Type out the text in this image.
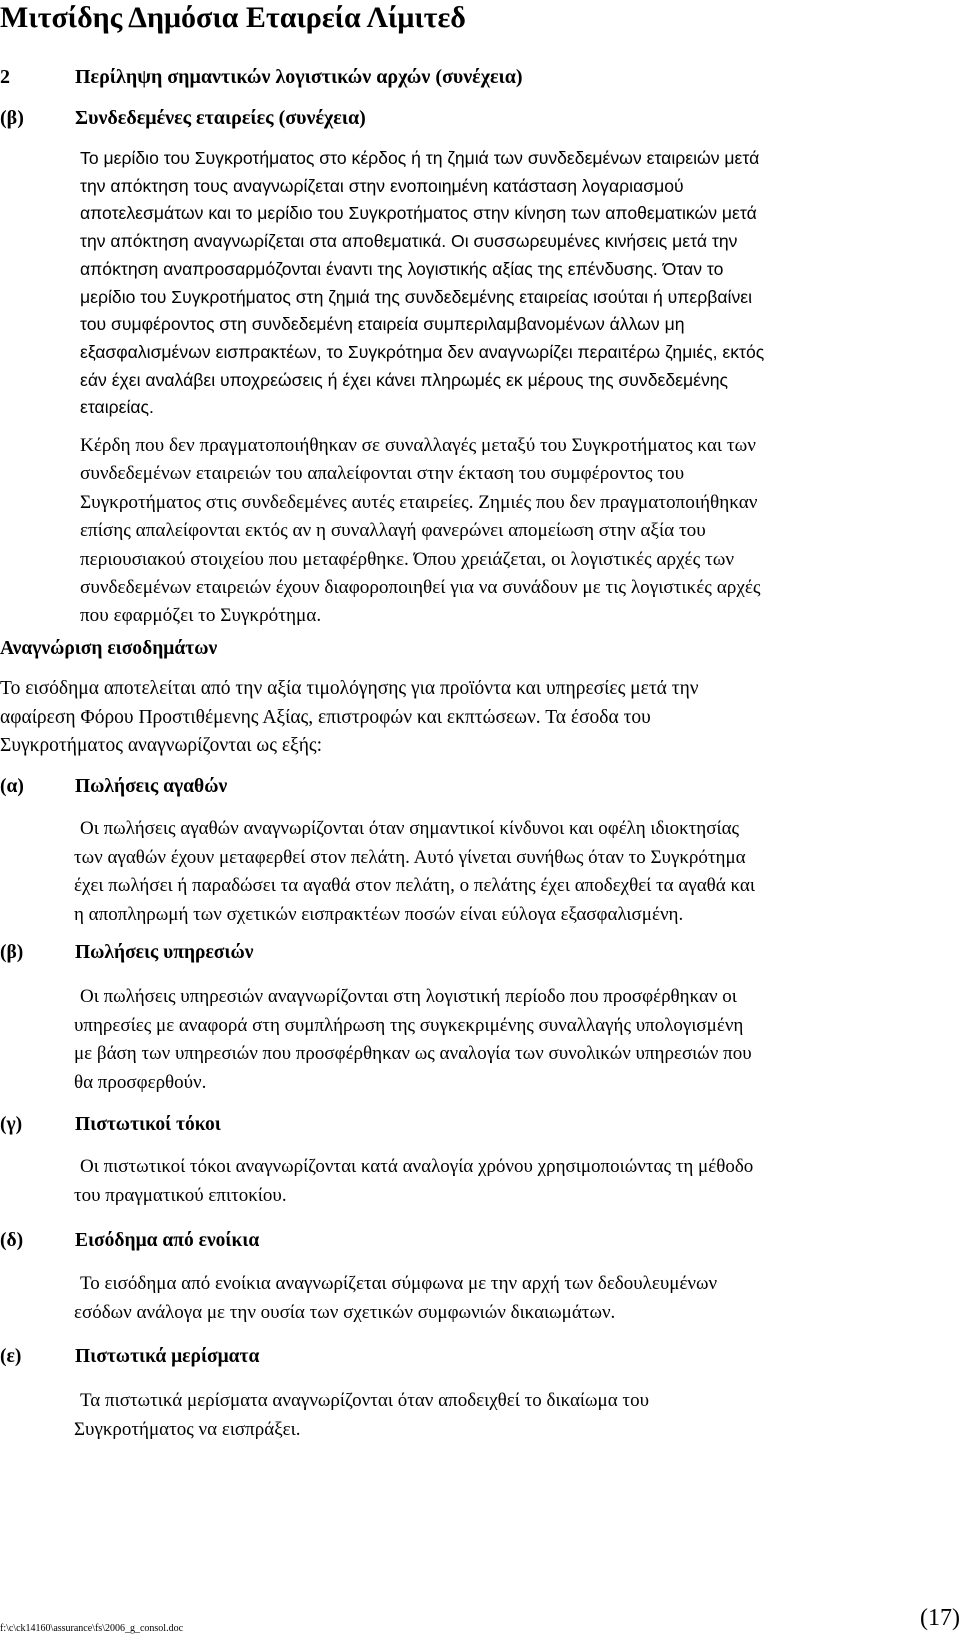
Μιτσίδης Δημόσια Εταιρεία Λίμιτεδ
2	Περίληψη σημαντικών λογιστικών αρχών (συνέχεια)
(β)	Συνδεδεμένες εταιρείες (συνέχεια)
Το μερίδιο του Συγκροτήματος στο κέρδος ή τη ζημιά των συνδεδεμένων εταιρειών μετά
την απόκτηση τους αναγνωρίζεται στην ενοποιημένη κατάσταση λογαριασμού
αποτελεσμάτων και το μερίδιο του Συγκροτήματος στην κίνηση των αποθεματικών μετά
την απόκτηση αναγνωρίζεται στα αποθεματικά. Οι συσσωρευμένες κινήσεις μετά την
απόκτηση αναπροσαρμόζονται έναντι της λογιστικής αξίας της επένδυσης. Όταν το
μερίδιο του Συγκροτήματος στη ζημιά της συνδεδεμένης εταιρείας ισούται ή υπερβαίνει
του συμφέροντος στη συνδεδεμένη εταιρεία συμπεριλαμβανομένων άλλων μη
εξασφαλισμένων εισπρακτέων, το Συγκρότημα δεν αναγνωρίζει περαιτέρω ζημιές, εκτός
εάν έχει αναλάβει υποχρεώσεις ή έχει κάνει πληρωμές εκ μέρους της συνδεδεμένης
εταιρείας.
Κέρδη που δεν πραγματοποιήθηκαν σε συναλλαγές μεταξύ του Συγκροτήματος και των
συνδεδεμένων εταιρειών του απαλείφονται στην έκταση του συμφέροντος του
Συγκροτήματος στις συνδεδεμένες αυτές εταιρείες. Ζημιές που δεν πραγματοποιήθηκαν
επίσης απαλείφονται εκτός αν η συναλλαγή φανερώνει απομείωση στην αξία του
περιουσιακού στοιχείου που μεταφέρθηκε. Όπου χρειάζεται, οι λογιστικές αρχές των
συνδεδεμένων εταιρειών έχουν διαφοροποιηθεί για να συνάδουν με τις λογιστικές αρχές
που εφαρμόζει το Συγκρότημα.
Αναγνώριση εισοδημάτων
Το εισόδημα αποτελείται από την αξία τιμολόγησης για προϊόντα και υπηρεσίες μετά την
αφαίρεση Φόρου Προστιθέμενης Αξίας, επιστροφών και εκπτώσεων. Τα έσοδα του
Συγκροτήματος αναγνωρίζονται ως εξής:
(α)	Πωλήσεις αγαθών
Οι πωλήσεις αγαθών αναγνωρίζονται όταν σημαντικοί κίνδυνοι και οφέλη ιδιοκτησίας
των αγαθών έχουν μεταφερθεί στον πελάτη. Αυτό γίνεται συνήθως όταν το Συγκρότημα
έχει πωλήσει ή παραδώσει τα αγαθά στον πελάτη, ο πελάτης έχει αποδεχθεί τα αγαθά και
η αποπληρωμή των σχετικών εισπρακτέων ποσών είναι εύλογα εξασφαλισμένη.
(β)	Πωλήσεις υπηρεσιών
Οι πωλήσεις υπηρεσιών αναγνωρίζονται στη λογιστική περίοδο που προσφέρθηκαν οι
υπηρεσίες με αναφορά στη συμπλήρωση της συγκεκριμένης συναλλαγής υπολογισμένη
με βάση των υπηρεσιών που προσφέρθηκαν ως αναλογία των συνολικών υπηρεσιών που
θα προσφερθούν.
(γ)	Πιστωτικοί τόκοι
Οι πιστωτικοί τόκοι αναγνωρίζονται κατά αναλογία χρόνου χρησιμοποιώντας τη μέθοδο
του πραγματικού επιτοκίου.
(δ)	Εισόδημα από ενοίκια
Το εισόδημα από ενοίκια αναγνωρίζεται σύμφωνα με την αρχή των δεδουλευμένων
εσόδων ανάλογα με την ουσία των σχετικών συμφωνιών δικαιωμάτων.
(ε)	Πιστωτικά μερίσματα
Τα πιστωτικά μερίσματα αναγνωρίζονται όταν αποδειχθεί το δικαίωμα του
Συγκροτήματος να εισπράξει.
f:\c\ck14160\assurance\fs\2006_g_consol.doc	(17)
